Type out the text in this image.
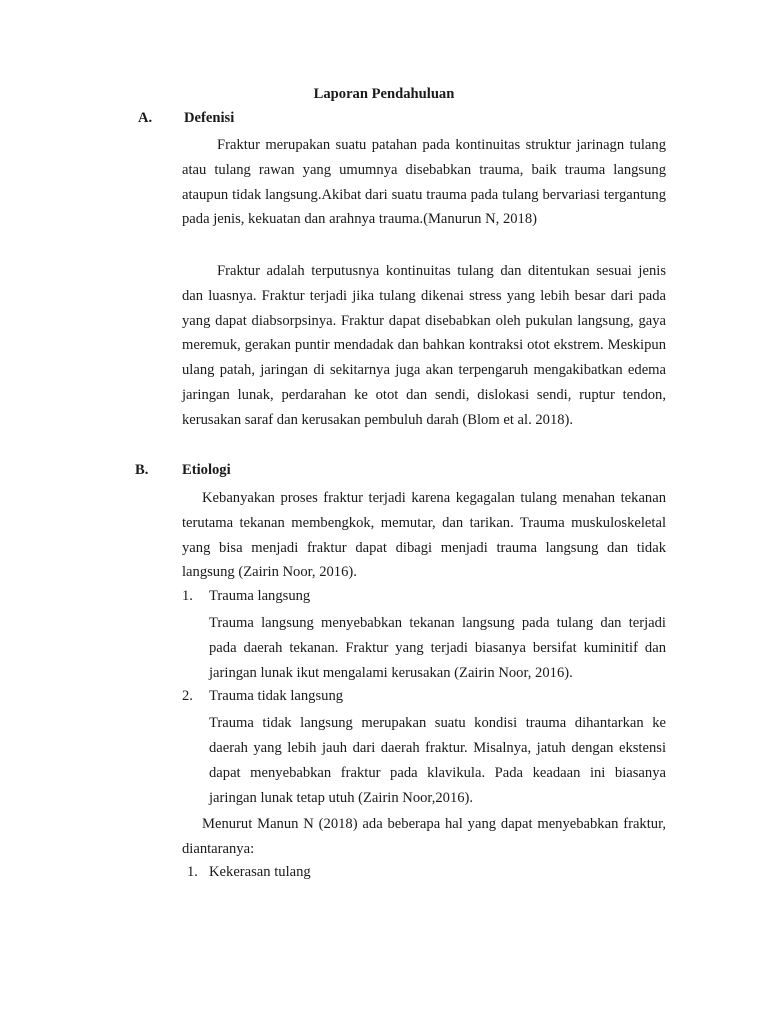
Laporan Pendahuluan
A. Defenisi

Fraktur merupakan suatu patahan pada kontinuitas struktur jarinagn tulang atau tulang rawan yang umumnya disebabkan trauma, baik trauma langsung ataupun tidak langsung.Akibat dari suatu trauma pada tulang bervariasi tergantung pada jenis, kekuatan dan arahnya trauma.(Manurun N, 2018)

Fraktur adalah terputusnya kontinuitas tulang dan ditentukan sesuai jenis dan luasnya. Fraktur terjadi jika tulang dikenai stress yang lebih besar dari pada yang dapat diabsorpsinya. Fraktur dapat disebabkan oleh pukulan langsung, gaya meremuk, gerakan puntir mendadak dan bahkan kontraksi otot ekstrem. Meskipun ulang patah, jaringan di sekitarnya juga akan terpengaruh mengakibatkan edema jaringan lunak, perdarahan ke otot dan sendi, dislokasi sendi, ruptur tendon, kerusakan saraf dan kerusakan pembuluh darah (Blom et al. 2018).

B. Etiologi

Kebanyakan proses fraktur terjadi karena kegagalan tulang menahan tekanan terutama tekanan membengkok, memutar, dan tarikan. Trauma muskuloskeletal yang bisa menjadi fraktur dapat dibagi menjadi trauma langsung dan tidak langsung (Zairin Noor, 2016).

1. Trauma langsung

Trauma langsung menyebabkan tekanan langsung pada tulang dan terjadi pada daerah tekanan. Fraktur yang terjadi biasanya bersifat kuminitif dan jaringan lunak ikut mengalami kerusakan (Zairin Noor, 2016).

2. Trauma tidak langsung

Trauma tidak langsung merupakan suatu kondisi trauma dihantarkan ke daerah yang lebih jauh dari daerah fraktur. Misalnya, jatuh dengan ekstensi dapat menyebabkan fraktur pada klavikula. Pada keadaan ini biasanya jaringan lunak tetap utuh (Zairin Noor,2016).

Menurut Manun N (2018) ada beberapa hal yang dapat menyebabkan fraktur, diantaranya:

1. Kekerasan tulang
